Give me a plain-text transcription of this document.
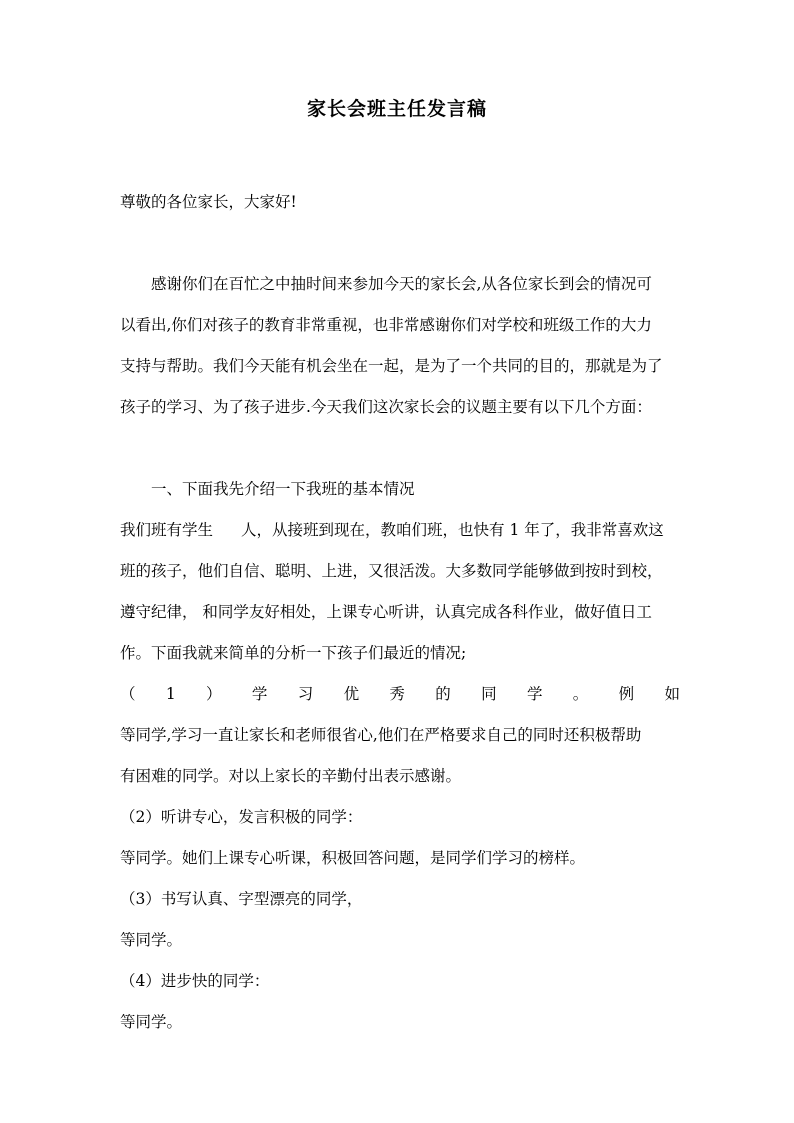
家长会班主任发言稿
尊敬的各位家长，大家好!
感谢你们在百忙之中抽时间来参加今天的家长会,从各位家长到会的情况可
以看出,你们对孩子的教育非常重视，也非常感谢你们对学校和班级工作的大力
支持与帮助。我们今天能有机会坐在一起，是为了一个共同的目的，那就是为了
孩子的学习、为了孩子进步.今天我们这次家长会的议题主要有以下几个方面：
一、下面我先介绍一下我班的基本情况
我们班有学生 人，从接班到现在，教咱们班，也快有 1 年了，我非常喜欢这
班的孩子，他们自信、聪明、上进，又很活泼。大多数同学能够做到按时到校，
遵守纪律， 和同学友好相处，上课专心听讲，认真完成各科作业，做好值日工
作。下面我就来简单的分析一下孩子们最近的情况;
（ 1 ） 学 习 优 秀 的 同 学 。 例 如
等同学,学习一直让家长和老师很省心,他们在严格要求自己的同时还积极帮助
有困难的同学。对以上家长的辛勤付出表示感谢。
（2）听讲专心，发言积极的同学：
等同学。她们上课专心听课，积极回答问题，是同学们学习的榜样。
（3）书写认真、字型漂亮的同学，
等同学。
（4）进步快的同学：
等同学。
